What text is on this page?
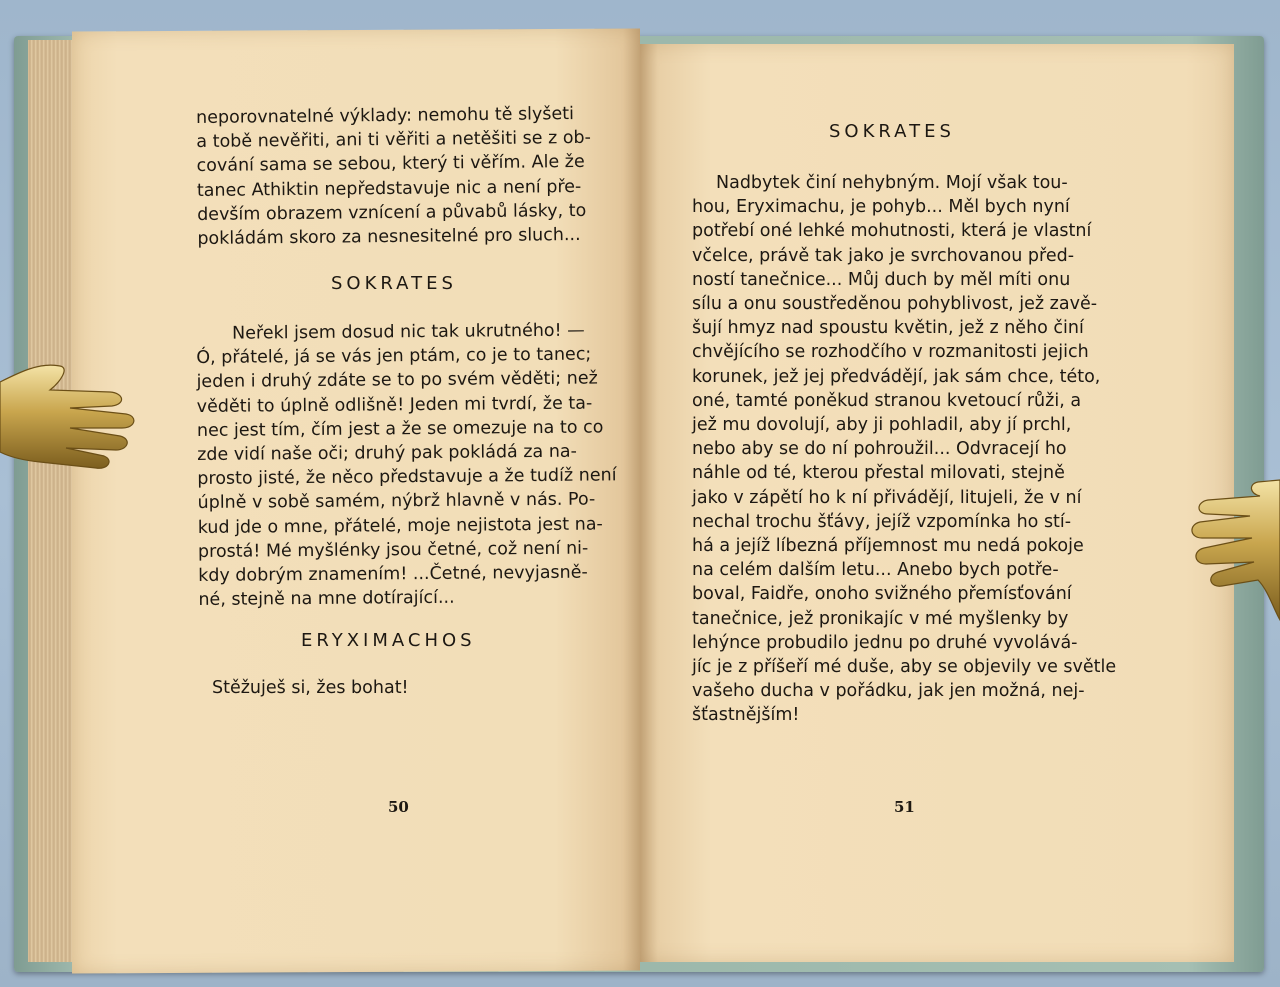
neporovnatelné výklady: nemohu tě slyšeti
a tobě nevěřiti, ani ti věřiti a netěšiti se z ob-
cování sama se sebou, který ti věřím. Ale že
tanec Athiktin nepředstavuje nic a není pře-
devším obrazem vznícení a půvabů lásky, to
pokládám skoro za nesnesitelné pro sluch...
SOKRATES
Neřekl jsem dosud nic tak ukrutného! —
Ó, přátelé, já se vás jen ptám, co je to tanec;
jeden i druhý zdáte se to po svém věděti; než
věděti to úplně odlišně! Jeden mi tvrdí, že ta-
nec jest tím, čím jest a že se omezuje na to co
zde vidí naše oči; druhý pak pokládá za na-
prosto jisté, že něco představuje a že tudíž není
úplně v sobě samém, nýbrž hlavně v nás. Po-
kud jde o mne, přátelé, moje nejistota jest na-
prostá! Mé myšlénky jsou četné, což není ni-
kdy dobrým znamením! ...Četné, nevyjasně-
né, stejně na mne dotírající...
ERYXIMACHOS
Stěžuješ si, žes bohat!
50
SOKRATES
Nadbytek činí nehybným. Mojí však tou-
hou, Eryximachu, je pohyb... Měl bych nyní
potřebí oné lehké mohutnosti, která je vlastní
včelce, právě tak jako je svrchovanou před-
ností tanečnice... Můj duch by měl míti onu
sílu a onu soustředěnou pohyblivost, jež zavě-
šují hmyz nad spoustu květin, jež z něho činí
chvějícího se rozhodčího v rozmanitosti jejich
korunek, jež jej předvádějí, jak sám chce, této,
oné, tamté poněkud stranou kvetoucí růži, a
jež mu dovolují, aby ji pohladil, aby jí prchl,
nebo aby se do ní pohroužil... Odvracejí ho
náhle od té, kterou přestal milovati, stejně
jako v zápětí ho k ní přivádějí, litujeli, že v ní
nechal trochu šťávy, jejíž vzpomínka ho stí-
há a jejíž líbezná příjemnost mu nedá pokoje
na celém dalším letu... Anebo bych potře-
boval, Faidře, onoho svižného přemísťování
tanečnice, jež pronikajíc v mé myšlenky by
lehýnce probudilo jednu po druhé vyvolává-
jíc je z příšeří mé duše, aby se objevily ve světle
vašeho ducha v pořádku, jak jen možná, nej-
šťastnějším!
51
